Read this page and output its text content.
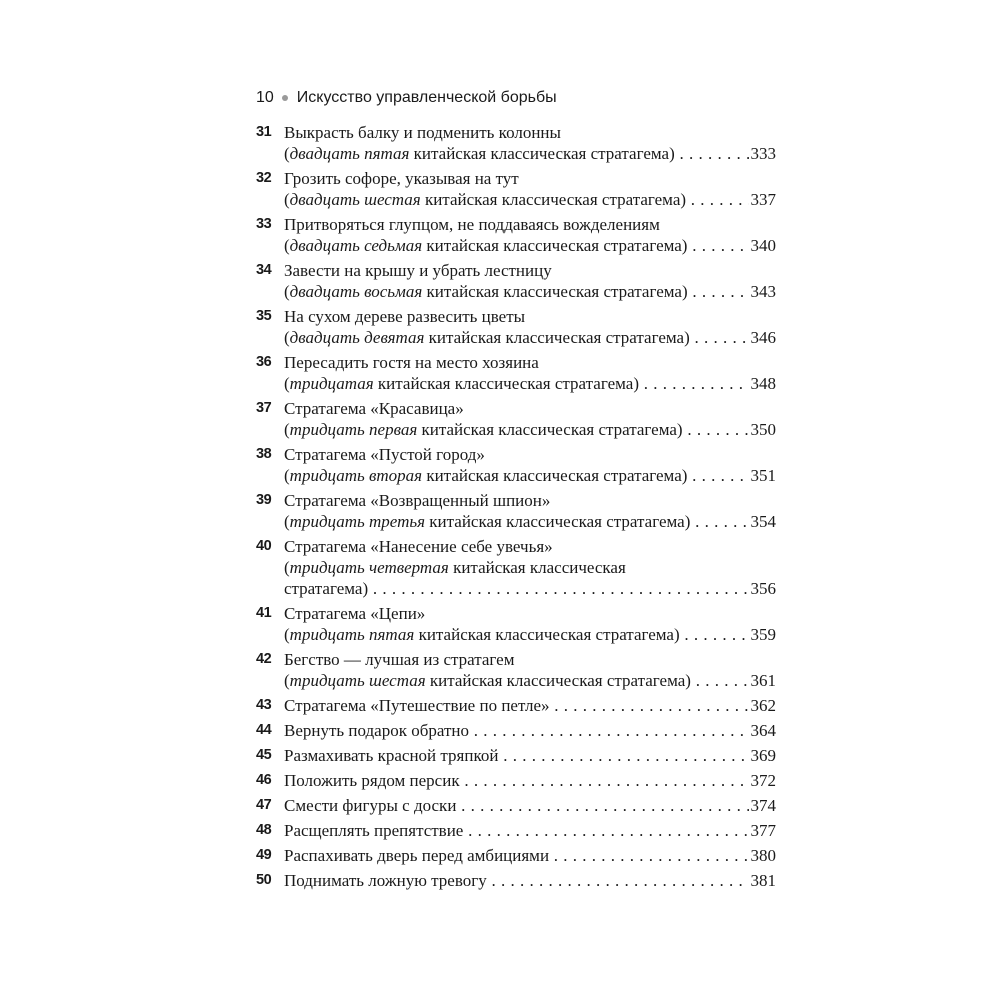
10 Искусство управленческой борьбы
31 Выкрасть балку и подменить колонны
(двадцать пятая китайская классическая стратагема) . . .	333
32 Грозить софоре, указывая на тут
(двадцать шестая китайская классическая стратагема) . . .	337
33 Притворяться глупцом, не поддаваясь вожделениям
(двадцать седьмая китайская классическая стратагема) . . .	340
34 Завести на крышу и убрать лестницу
(двадцать восьмая китайская классическая стратагема) . . .	343
35 На сухом дереве развесить цветы
(двадцать девятая китайская классическая стратагема) . . .	346
36 Пересадить гостя на место хозяина
(тридцатая китайская классическая стратагема) . . .	348
37 Стратагема «Красавица»
(тридцать первая китайская классическая стратагема) . . .	350
38 Стратагема «Пустой город»
(тридцать вторая китайская классическая стратагема) . . .	351
39 Стратагема «Возвращенный шпион»
(тридцать третья китайская классическая стратагема) . . .	354
40 Стратагема «Нанесение себе увечья»
(тридцать четвертая китайская классическая
стратагема) . . .	356
41 Стратагема «Цепи»
(тридцать пятая китайская классическая стратагема) . . .	359
42 Бегство — лучшая из стратагем
(тридцать шестая китайская классическая стратагема) . . .	361
43 Стратагема «Путешествие по петле» . . .	362
44 Вернуть подарок обратно . . .	364
45 Размахивать красной тряпкой . . .	369
46 Положить рядом персик . . .	372
47 Смести фигуры с доски . . .	374
48 Расщеплять препятствие . . .	377
49 Распахивать дверь перед амбициями . . .	380
50 Поднимать ложную тревогу . . .	381
